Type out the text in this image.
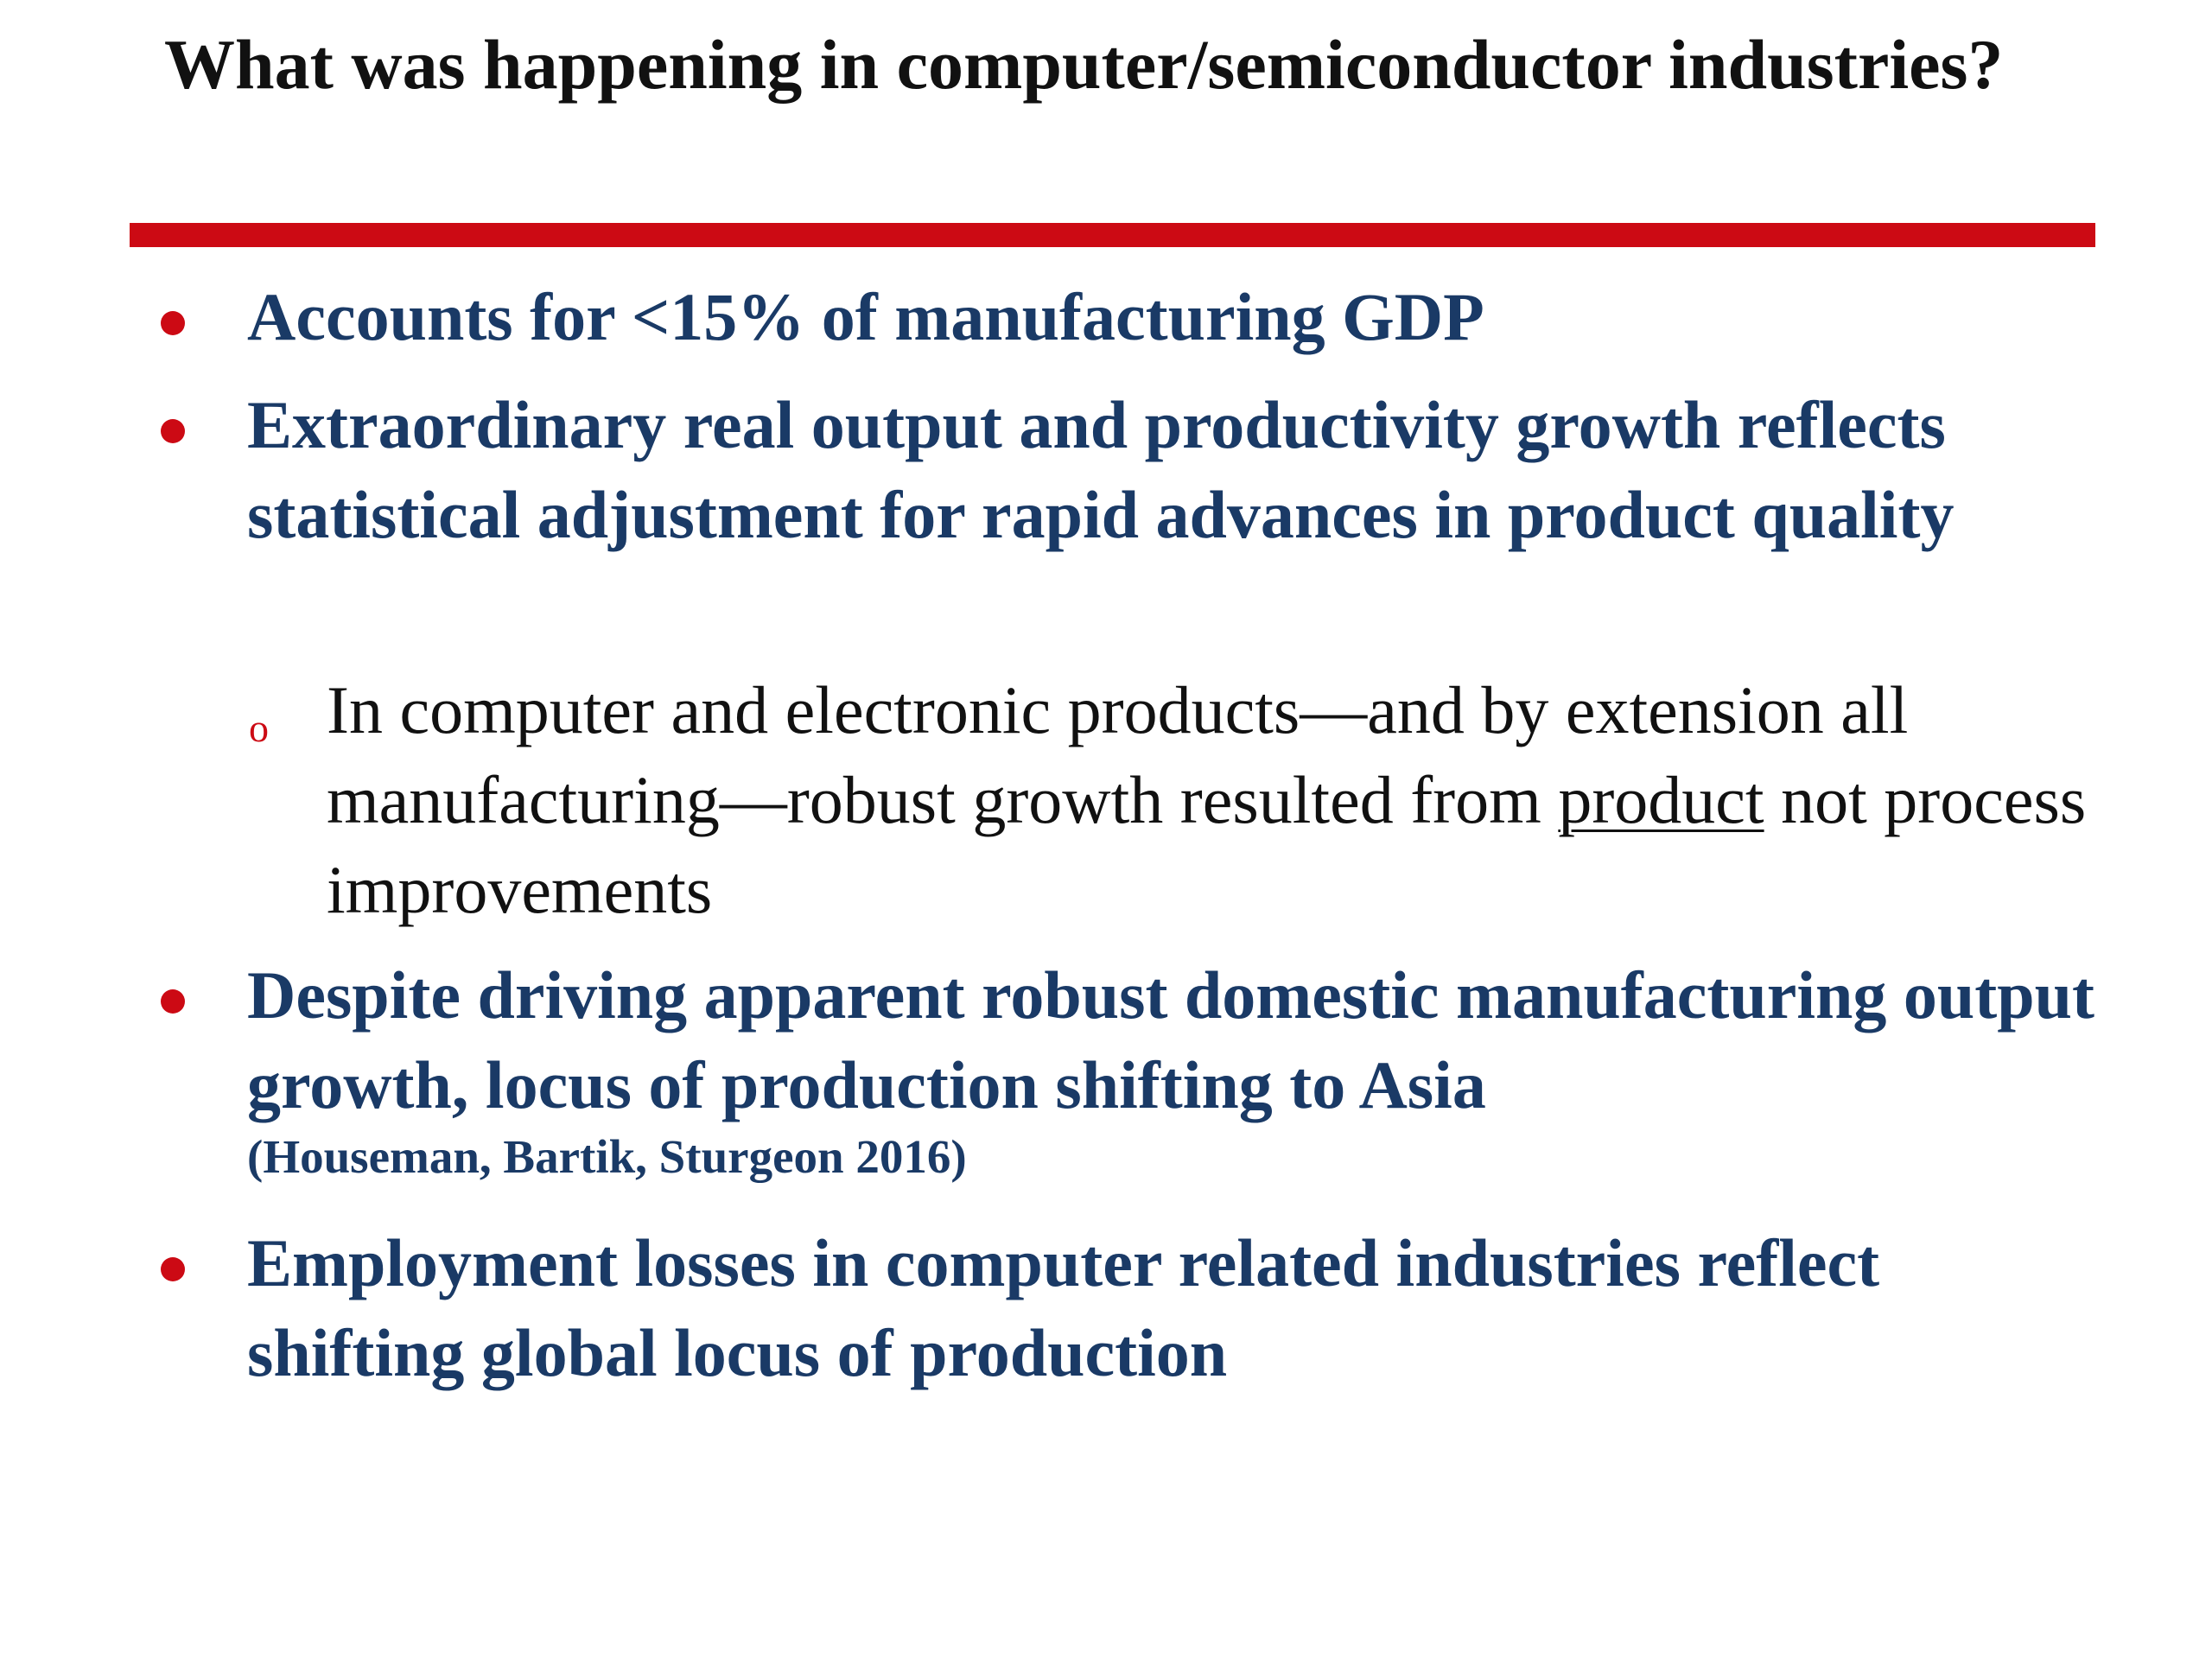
What was happening in computer/semiconductor industries?
Accounts for <15% of manufacturing GDP
Extraordinary real output and productivity growth reflects statistical adjustment for rapid advances in product quality
o In computer and electronic products—and by extension all manufacturing—robust growth resulted from product not process improvements
Despite driving apparent robust domestic manufacturing output growth, locus of production shifting to Asia
(Houseman, Bartik, Sturgeon 2016)
Employment losses in computer related industries reflect shifting global locus of production
